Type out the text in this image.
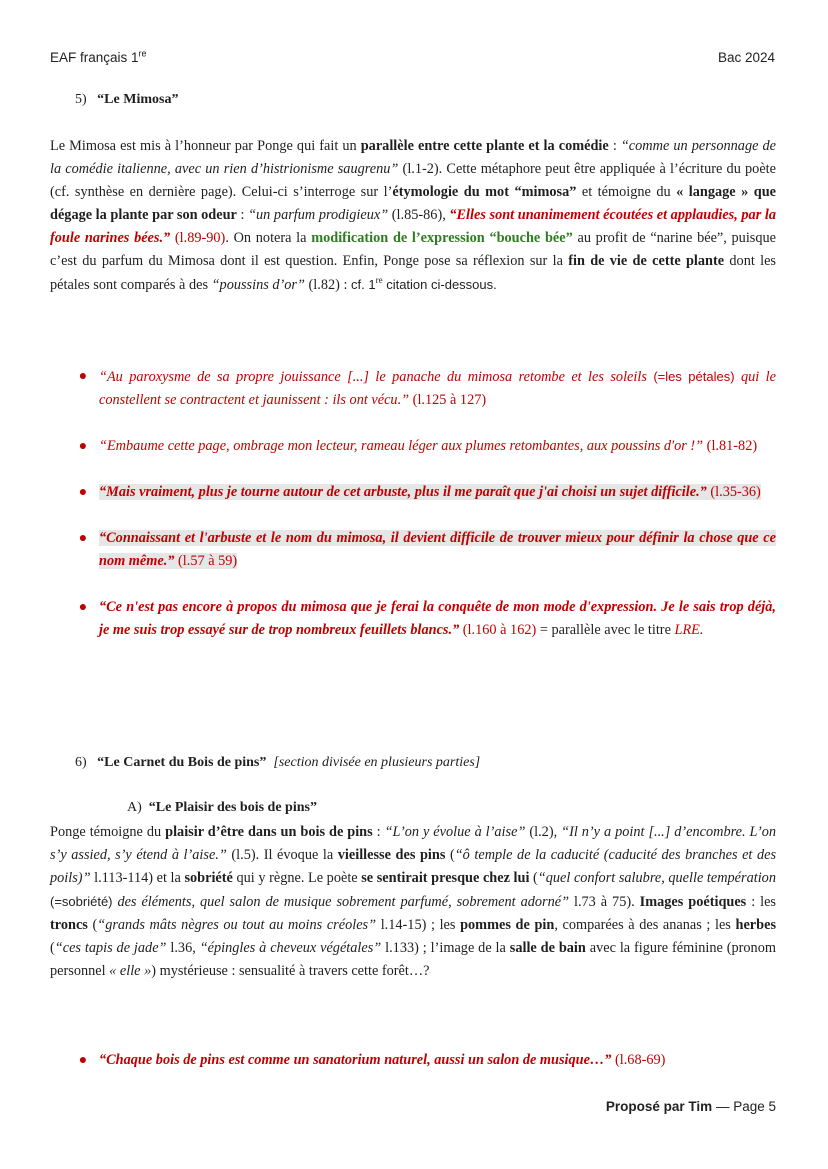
EAF français 1re	Bac 2024
5) “Le Mimosa”
Le Mimosa est mis à l’honneur par Ponge qui fait un parallèle entre cette plante et la comédie : “comme un personnage de la comédie italienne, avec un rien d’histrionisme saugrenu” (l.1-2). Cette métaphore peut être appliquée à l’écriture du poète (cf. synthèse en dernière page). Celui-ci s’interroge sur l’étymologie du mot “mimosa” et témoigne du « langage » que dégage la plante par son odeur : “un parfum prodigieux” (l.85-86), “Elles sont unanimement écoutées et applaudies, par la foule narines bées.” (l.89-90). On notera la modification de l’expression “bouche bée” au profit de “narine bée”, puisque c’est du parfum du Mimosa dont il est question. Enfin, Ponge pose sa réflexion sur la fin de vie de cette plante dont les pétales sont comparés à des “poussins d’or” (l.82) : cf. 1re citation ci-dessous.
● “Au paroxysme de sa propre jouissance [...] le panache du mimosa retombe et les soleils (=les pétales) qui le constellent se contractent et jaunissent : ils ont vécu.” (l.125 à 127)
● “Embaume cette page, ombrage mon lecteur, rameau léger aux plumes retombantes, aux poussins d'or !” (l.81-82)
● “Mais vraiment, plus je tourne autour de cet arbuste, plus il me paraît que j'ai choisi un sujet difficile.” (l.35-36)
● “Connaissant et l'arbuste et le nom du mimosa, il devient difficile de trouver mieux pour définir la chose que ce nom même.” (l.57 à 59)
● “Ce n'est pas encore à propos du mimosa que je ferai la conquête de mon mode d'expression. Je le sais trop déjà, je me suis trop essayé sur de trop nombreux feuillets blancs.” (l.160 à 162) = parallèle avec le titre LRE.
6) “Le Carnet du Bois de pins” [section divisée en plusieurs parties]
A) “Le Plaisir des bois de pins”
Ponge témoigne du plaisir d’être dans un bois de pins : “L’on y évolue à l’aise” (l.2), “Il n’y a point [...] d’encombre. L’on s’y assied, s’y étend à l’aise.” (l.5). Il évoque la vieillesse des pins (“ô temple de la caducité (caducité des branches et des poils)” l.113-114) et la sobriété qui y règne. Le poète se sentirait presque chez lui (“quel confort salubre, quelle températion (=sobriété) des éléments, quel salon de musique sobrement parfumé, sobrement adorné” l.73 à 75). Images poétiques : les troncs (“grands mâts nègres ou tout au moins créoles” l.14-15) ; les pommes de pin, comparées à des ananas ; les herbes (“ces tapis de jade” l.36, “épingles à cheveux végétales” l.133) ; l’image de la salle de bain avec la figure féminine (pronom personnel « elle ») mystérieuse : sensualité à travers cette forêt…?
● “Chaque bois de pins est comme un sanatorium naturel, aussi un salon de musique…” (l.68-69)
Proposé par Tim — Page 5
